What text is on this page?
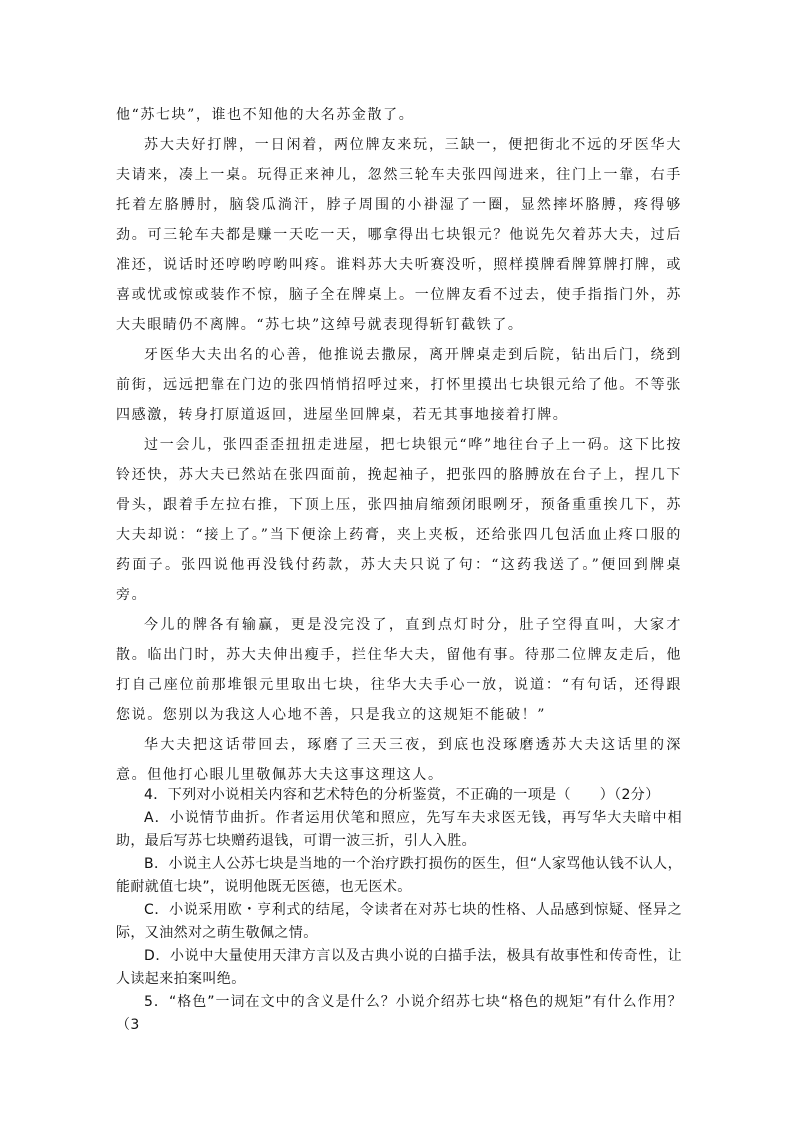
他“苏七块”，谁也不知他的大名苏金散了。

苏大夫好打牌，一日闲着，两位牌友来玩，三缺一，便把街北不远的牙医华大夫请来，凑上一桌。玩得正来神儿，忽然三轮车夫张四闯进来，往门上一靠，右手托着左胳膊肘，脑袋瓜淌汗，脖子周围的小褂湿了一圈，显然摔坏胳膊，疼得够劲。可三轮车夫都是赚一天吃一天，哪拿得出七块银元？他说先欠着苏大夫，过后准还，说话时还哼哟哼哟叫疼。谁料苏大夫听赛没听，照样摸牌看牌算牌打牌，或喜或忧或惊或装作不惊，脑子全在牌桌上。一位牌友看不过去，使手指指门外，苏大夫眼睛仍不离牌。“苏七块”这绰号就表现得斩钉截铁了。

牙医华大夫出名的心善，他推说去撒尿，离开牌桌走到后院，钻出后门，绕到前街，远远把靠在门边的张四悄悄招呼过来，打怀里摸出七块银元给了他。不等张四感激，转身打原道返回，进屋坐回牌桌，若无其事地接着打牌。

过一会儿，张四歪歪扭扭走进屋，把七块银元“哗”地往台子上一码。这下比按铃还快，苏大夫已然站在张四面前，挽起袖子，把张四的胳膊放在台子上，捏几下骨头，跟着手左拉右推，下顶上压，张四抽肩缩颈闭眼咧牙，预备重重挨几下，苏大夫却说：“接上了。”当下便涂上药膏，夹上夹板，还给张四几包活血止疼口服的药面子。张四说他再没钱付药款，苏大夫只说了句：“这药我送了。”便回到牌桌旁。

今儿的牌各有输赢，更是没完没了，直到点灯时分，肚子空得直叫，大家才散。临出门时，苏大夫伸出瘦手，拦住华大夫，留他有事。待那二位牌友走后，他打自己座位前那堆银元里取出七块，往华大夫手心一放，说道：“有句话，还得跟您说。您别以为我这人心地不善，只是我立的这规矩不能破！”

华大夫把这话带回去，琢磨了三天三夜，到底也没琢磨透苏大夫这话里的深意。但他打心眼儿里敬佩苏大夫这事这理这人。

4．下列对小说相关内容和艺术特色的分析鉴赏，不正确的一项是（　　）（2分）

A．小说情节曲折。作者运用伏笔和照应，先写车夫求医无钱，再写华大夫暗中相助，最后写苏七块赠药退钱，可谓一波三折，引人入胜。

B．小说主人公苏七块是当地的一个治疗跌打损伤的医生，但“人家骂他认钱不认人，能耐就值七块”，说明他既无医德，也无医术。

C．小说采用欧・亨利式的结尾，令读者在对苏七块的性格、人品感到惊疑、怪异之际，又油然对之萌生敬佩之情。

D．小说中大量使用天津方言以及古典小说的白描手法，极具有故事性和传奇性，让人读起来拍案叫绝。

5．“格色”一词在文中的含义是什么？小说介绍苏七块“格色的规矩”有什么作用？（3
